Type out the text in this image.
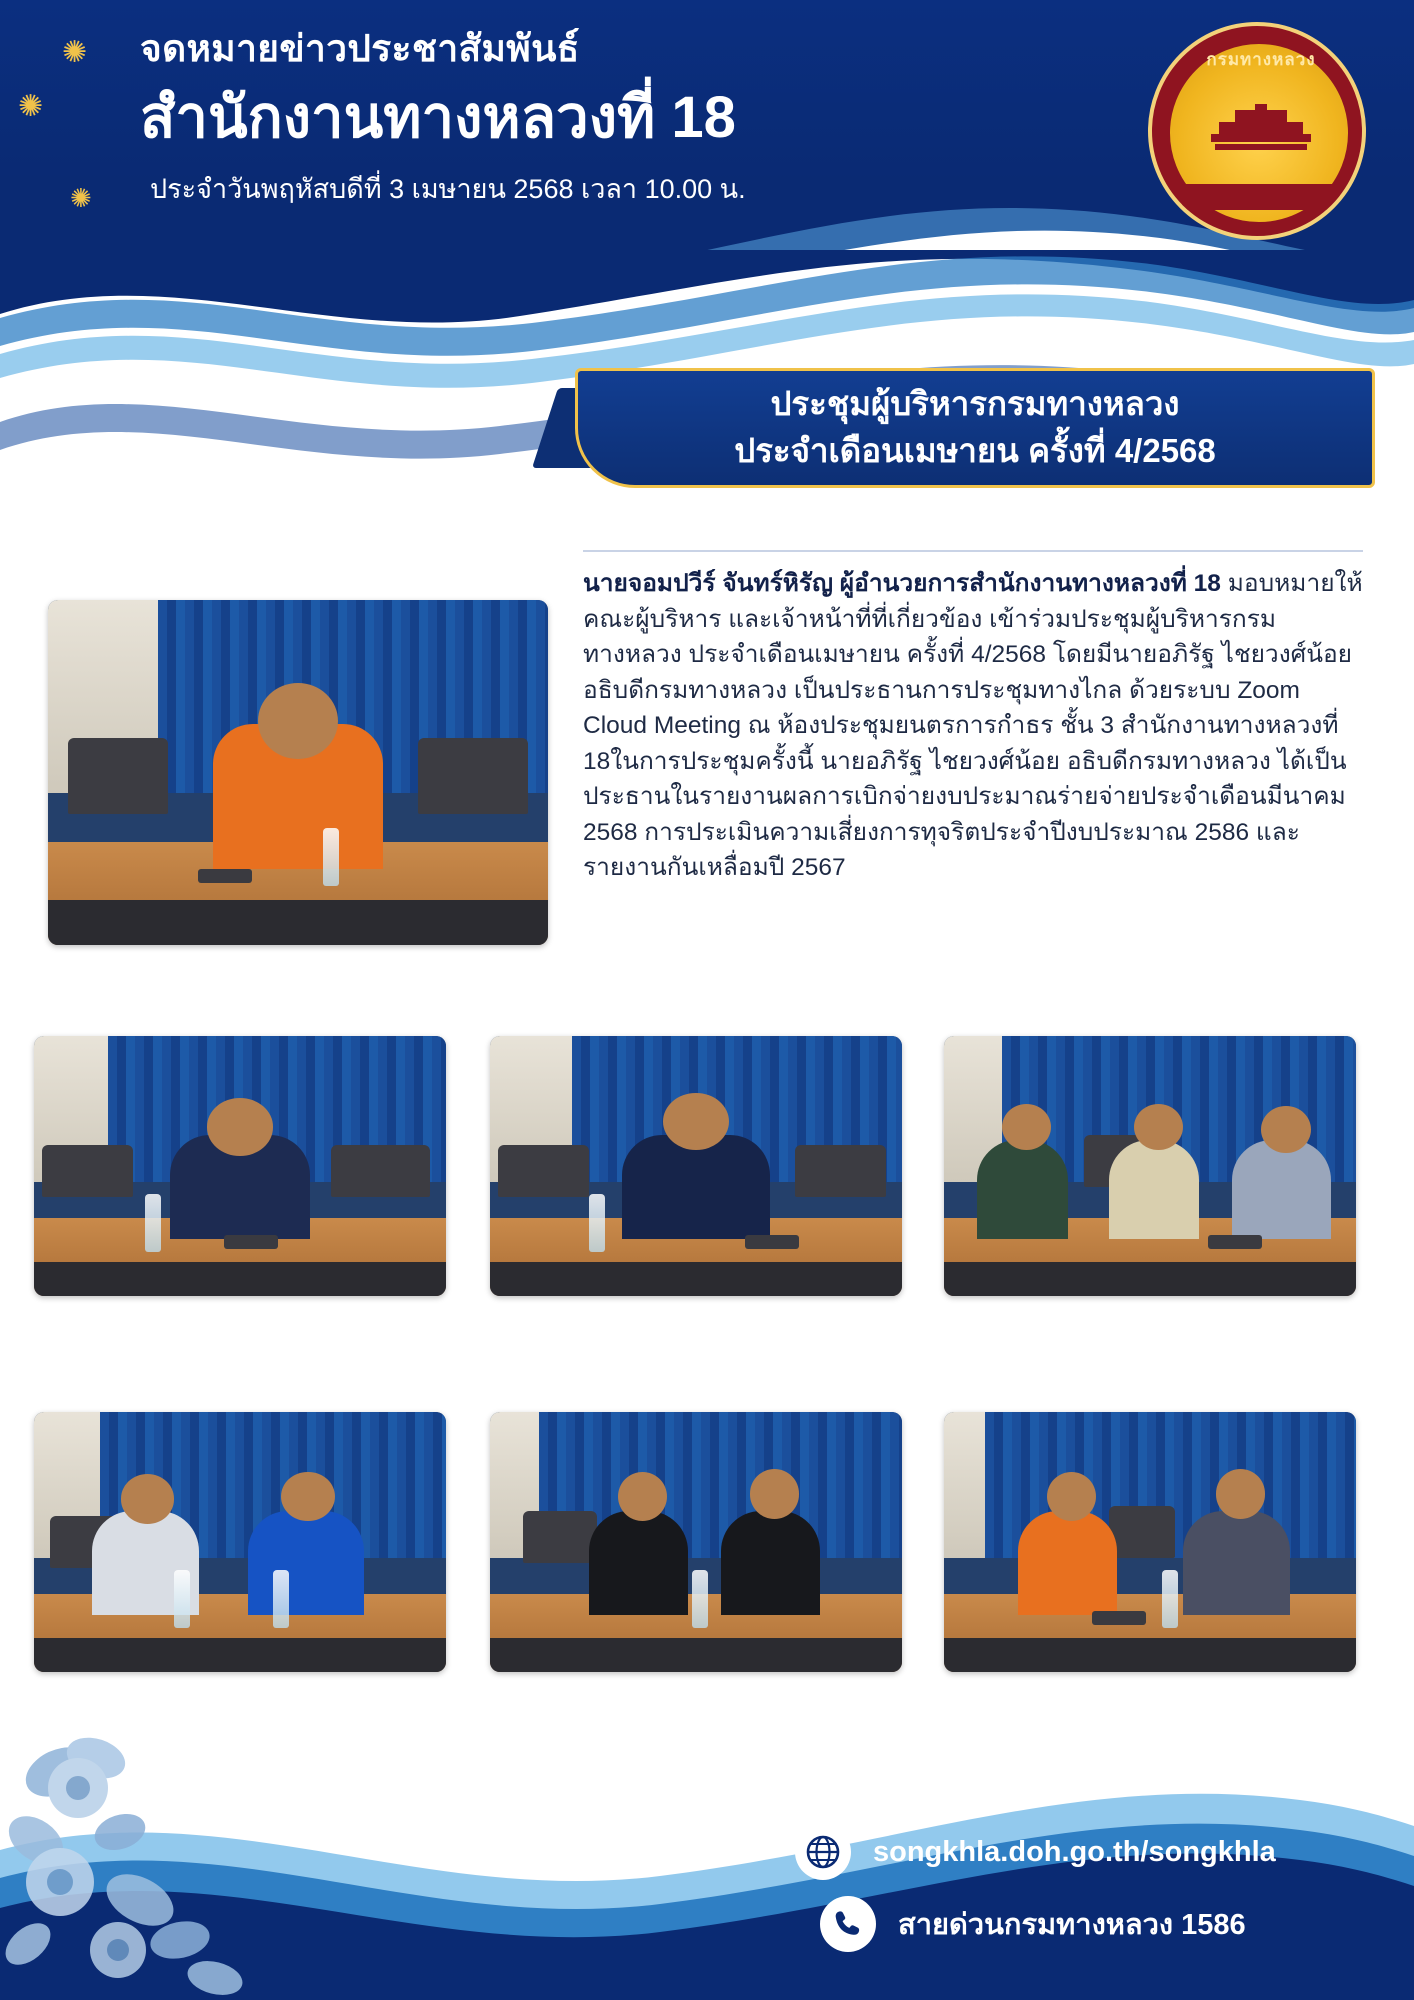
✺
✺
✺
จดหมายข่าวประชาสัมพันธ์
สำนักงานทางหลวงที่ 18
ประจำวันพฤหัสบดีที่ 3 เมษายน 2568 เวลา 10.00 น.
กรมทางหลวง
ประชุมผู้บริหารกรมทางหลวง
ประจำเดือนเมษายน ครั้งที่ 4/2568

นายจอมปวีร์ จันทร์หิรัญ ผู้อำนวยการสำนักงานทางหลวงที่ 18 มอบหมายให้คณะผู้บริหาร และเจ้าหน้าที่ที่เกี่ยวข้อง เข้าร่วมประชุมผู้บริหารกรมทางหลวง ประจำเดือนเมษายน ครั้งที่ 4/2568 โดยมีนายอภิรัฐ ไชยวงศ์น้อย อธิบดีกรมทางหลวง เป็นประธานการประชุมทางไกล ด้วยระบบ Zoom Cloud Meeting ณ ห้องประชุมยนตรการกำธร ชั้น 3 สำนักงานทางหลวงที่ 18ในการประชุมครั้งนี้ นายอภิรัฐ ไชยวงศ์น้อย อธิบดีกรมทางหลวง ได้เป็นประธานในรายงานผลการเบิกจ่ายงบประมาณร่ายจ่ายประจำเดือนมีนาคม 2568 การประเมินความเสี่ยงการทุจริตประจำปีงบประมาณ 2586 และรายงานกันเหลื่อมปี 2567

songkhla.doh.go.th/songkhla
สายด่วนกรมทางหลวง 1586
